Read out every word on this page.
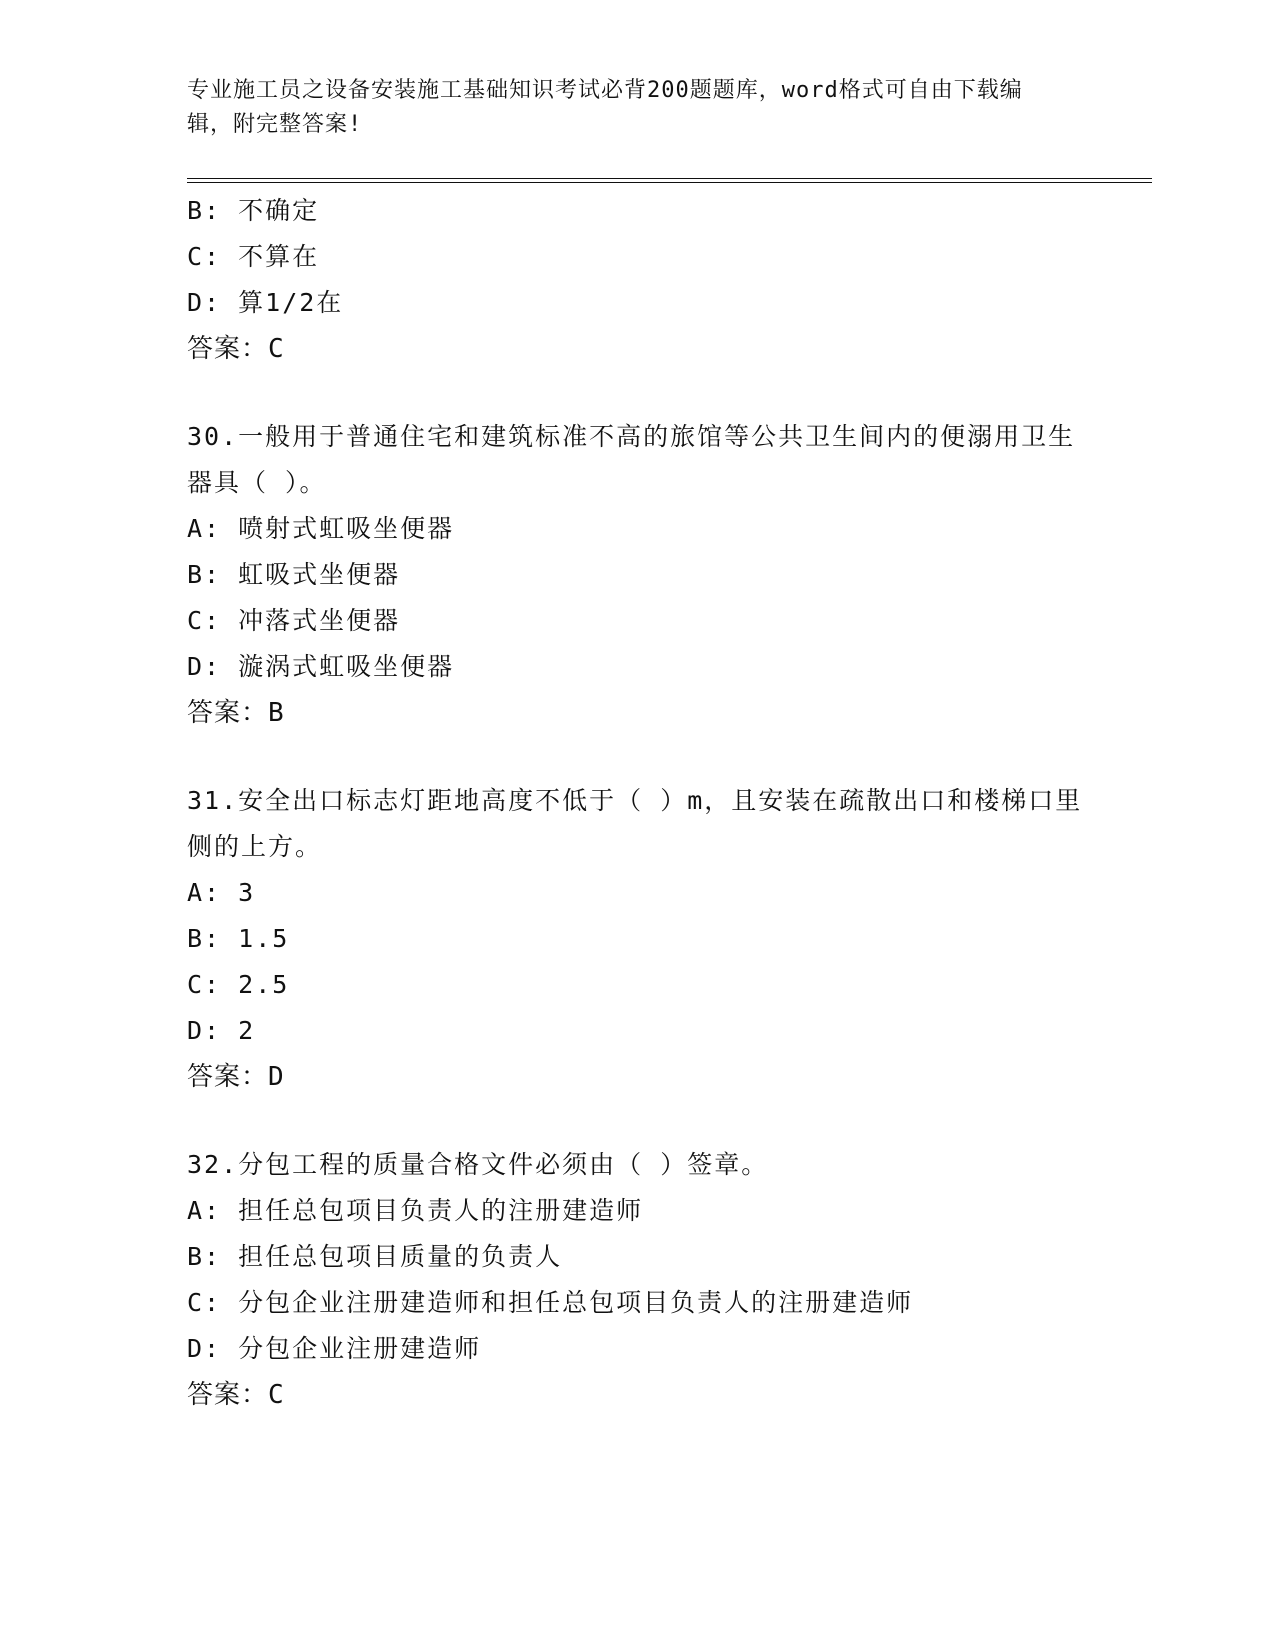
专业施工员之设备安装施工基础知识考试必背200题题库，word格式可自由下载编辑，附完整答案!
B: 不确定
C: 不算在
D: 算1/2在
答案：C
30.一般用于普通住宅和建筑标准不高的旅馆等公共卫生间内的便溺用卫生器具（ ）。
A: 喷射式虹吸坐便器
B: 虹吸式坐便器
C: 冲落式坐便器
D: 漩涡式虹吸坐便器
答案：B
31.安全出口标志灯距地高度不低于（ ）m，且安装在疏散出口和楼梯口里侧的上方。
A: 3
B: 1.5
C: 2.5
D: 2
答案：D
32.分包工程的质量合格文件必须由（ ）签章。
A: 担任总包项目负责人的注册建造师
B: 担任总包项目质量的负责人
C: 分包企业注册建造师和担任总包项目负责人的注册建造师
D: 分包企业注册建造师
答案：C
